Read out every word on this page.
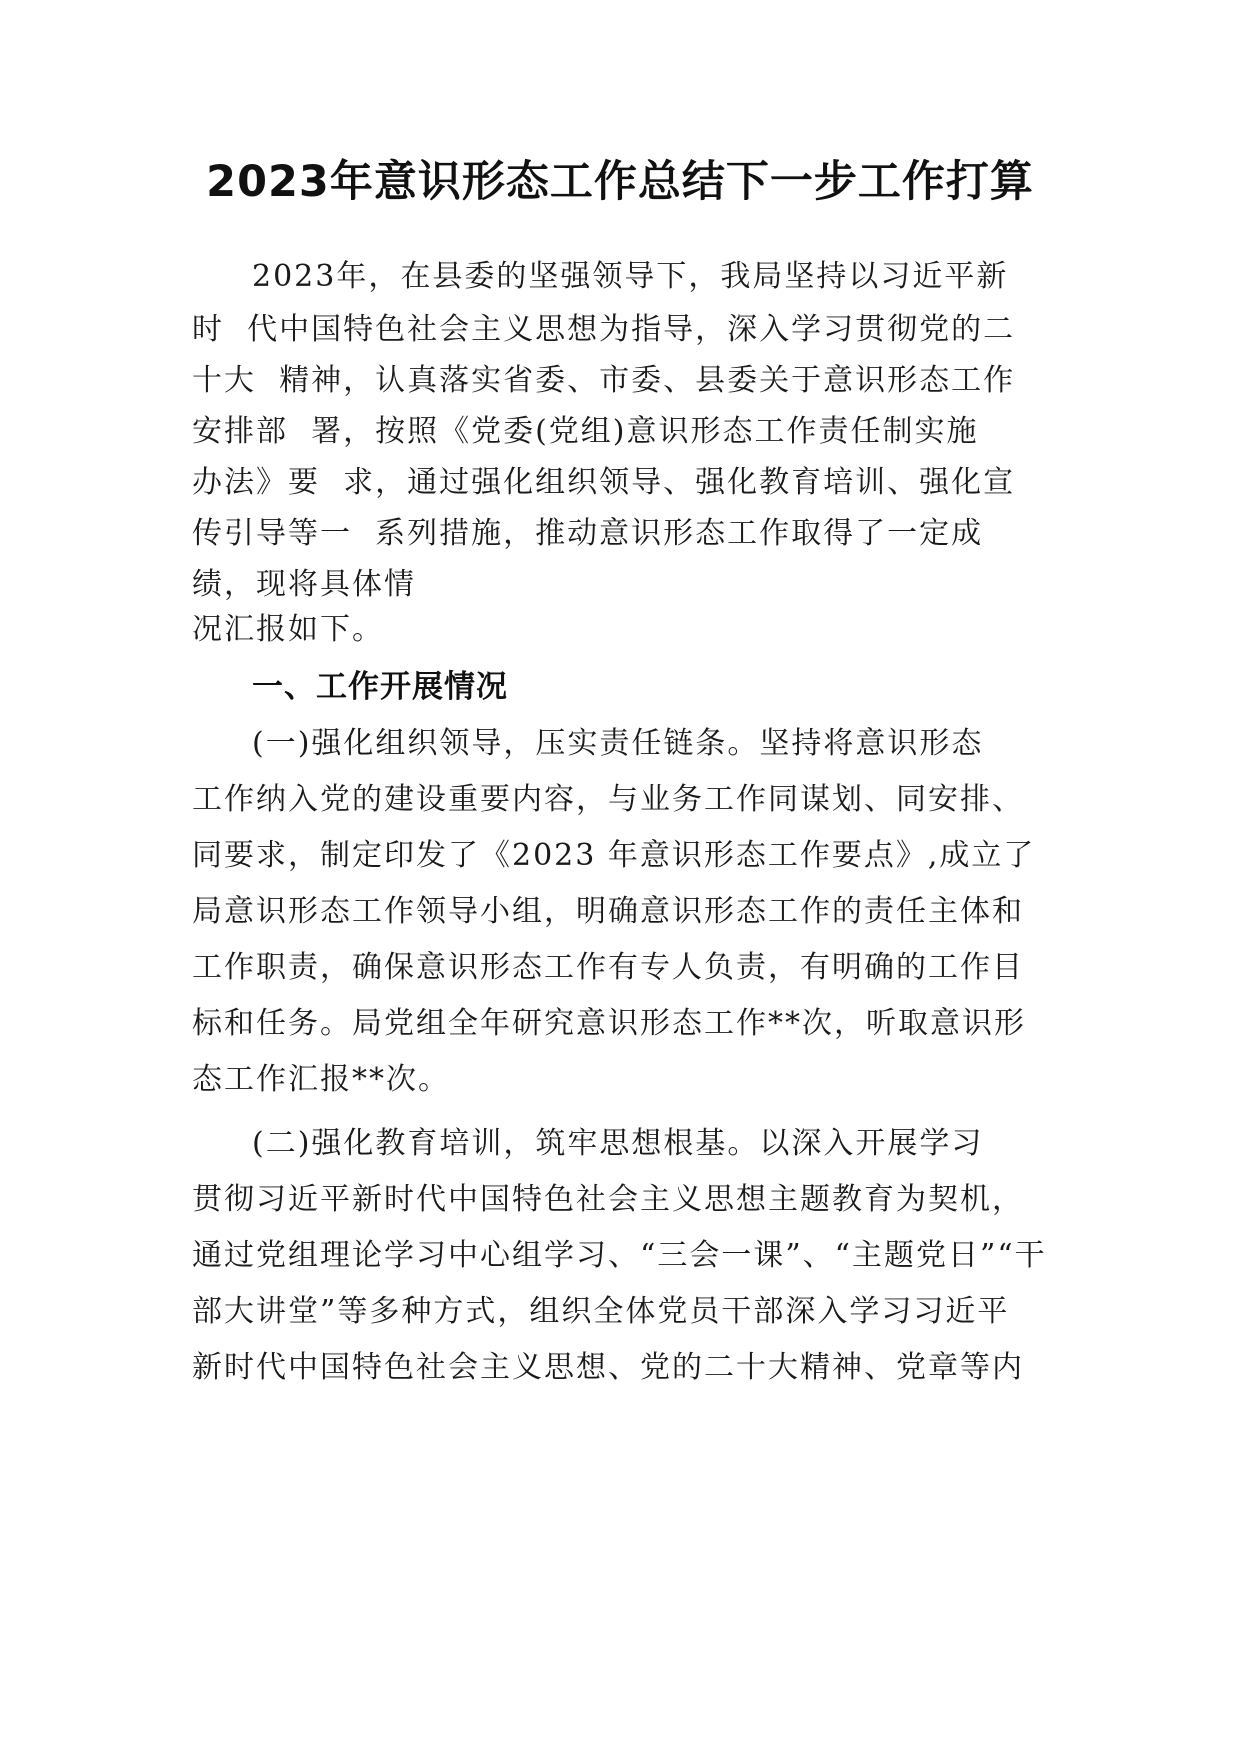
2023年意识形态工作总结下一步工作打算

2023年，在县委的坚强领导下，我局坚持以习近平新

时  代中国特色社会主义思想为指导，深入学习贯彻党的二

十大  精神，认真落实省委、市委、县委关于意识形态工作

安排部  署，按照《党委(党组)意识形态工作责任制实施

办法》要  求，通过强化组织领导、强化教育培训、强化宣

传引导等一  系列措施，推动意识形态工作取得了一定成

绩，现将具体情

况汇报如下。

一、工作开展情况

(一)强化组织领导，压实责任链条。坚持将意识形态

工作纳入党的建设重要内容，与业务工作同谋划、同安排、

同要求，制定印发了《2023 年意识形态工作要点》,成立了

局意识形态工作领导小组，明确意识形态工作的责任主体和

工作职责，确保意识形态工作有专人负责，有明确的工作目

标和任务。局党组全年研究意识形态工作**次，听取意识形

态工作汇报**次。

(二)强化教育培训，筑牢思想根基。以深入开展学习

贯彻习近平新时代中国特色社会主义思想主题教育为契机，

通过党组理论学习中心组学习、“三会一课”、“主题党日”“干

部大讲堂”等多种方式，组织全体党员干部深入学习习近平

新时代中国特色社会主义思想、党的二十大精神、党章等内
